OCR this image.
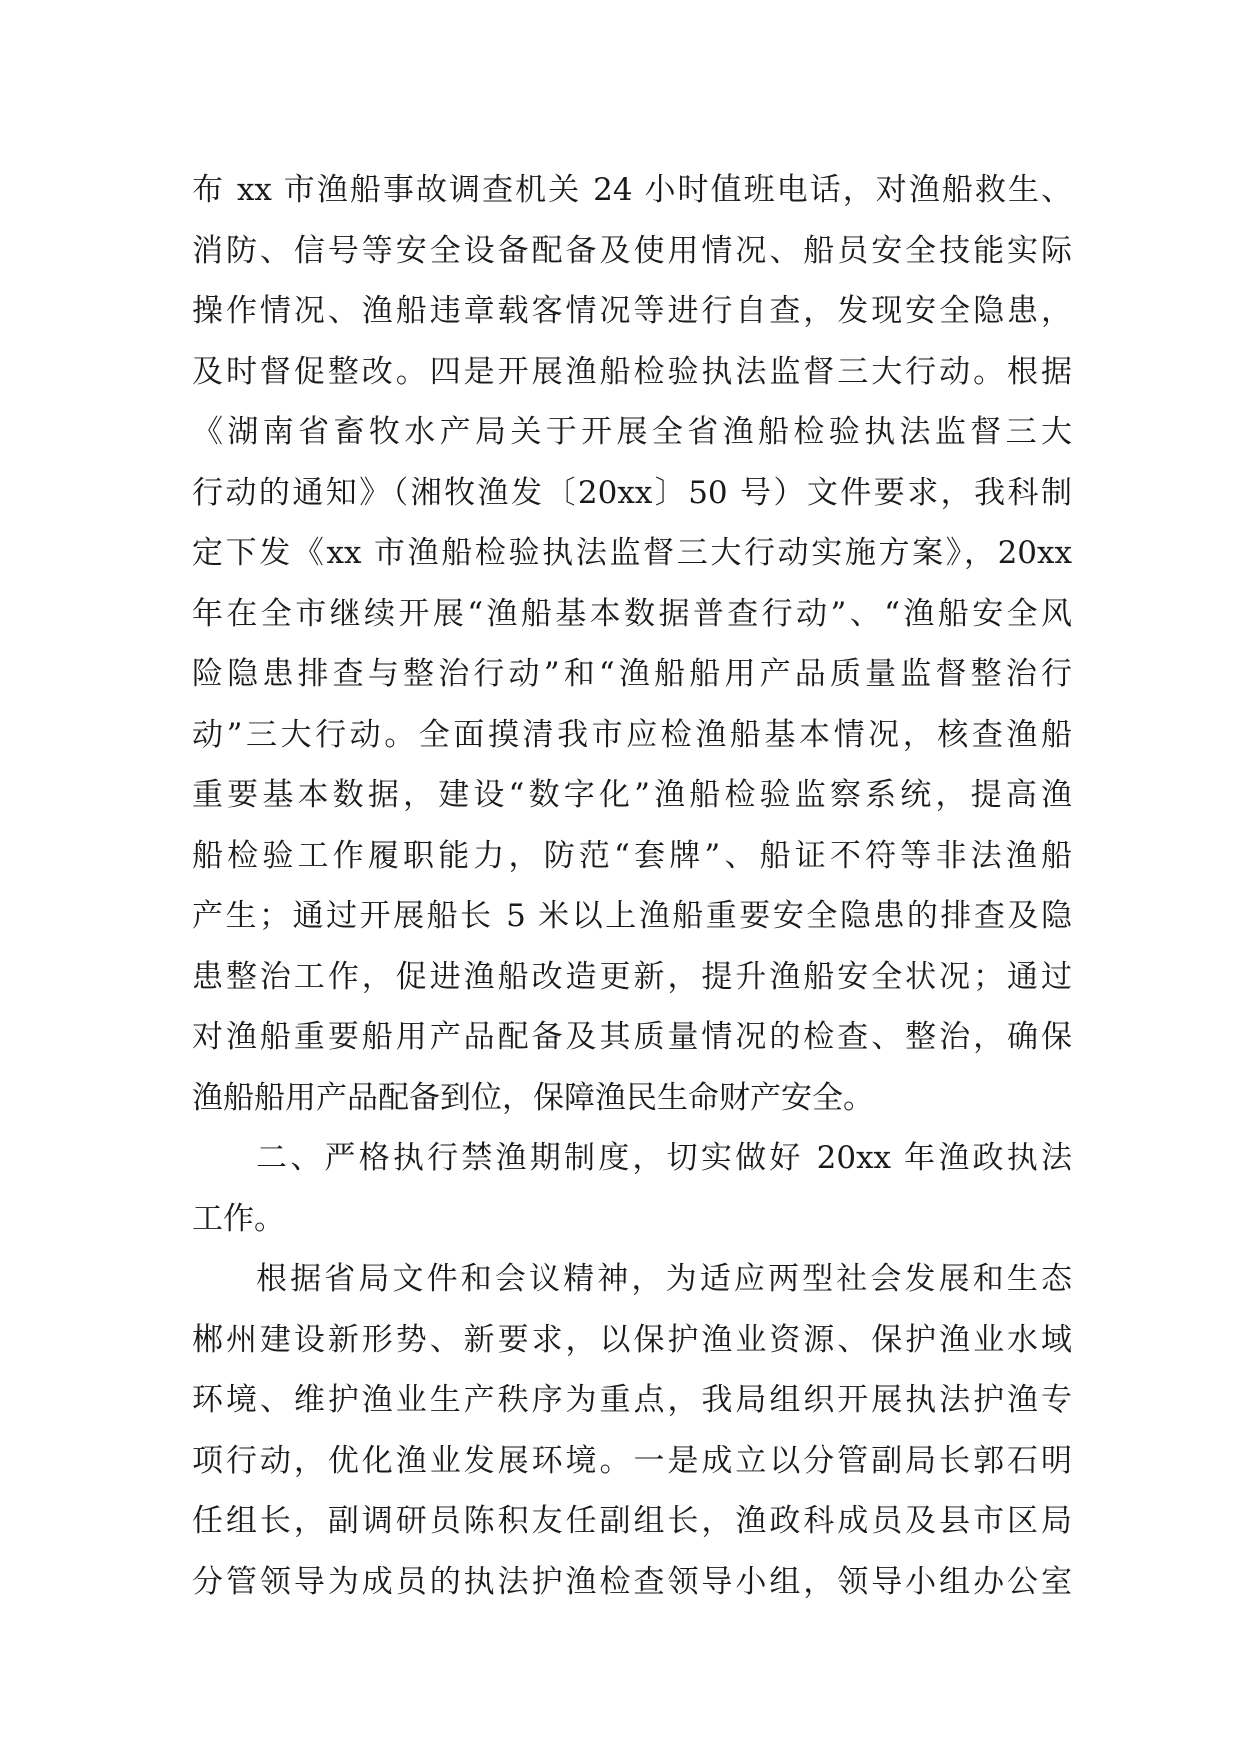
布 xx 市渔船事故调查机关 24 小时值班电话，对渔船救生、
消防、信号等安全设备配备及使用情况、船员安全技能实际
操作情况、渔船违章载客情况等进行自查，发现安全隐患，
及时督促整改。四是开展渔船检验执法监督三大行动。根据
《湖南省畜牧水产局关于开展全省渔船检验执法监督三大
行动的通知》（湘牧渔发〔20xx〕50 号）文件要求，我科制
定下发《xx 市渔船检验执法监督三大行动实施方案》，20xx
年在全市继续开展“渔船基本数据普查行动”、“渔船安全风
险隐患排查与整治行动”和“渔船船用产品质量监督整治行
动”三大行动。全面摸清我市应检渔船基本情况，核查渔船
重要基本数据，建设“数字化”渔船检验监察系统，提高渔
船检验工作履职能力，防范“套牌”、船证不符等非法渔船
产生；通过开展船长 5 米以上渔船重要安全隐患的排查及隐
患整治工作，促进渔船改造更新，提升渔船安全状况；通过
对渔船重要船用产品配备及其质量情况的检查、整治，确保
渔船船用产品配备到位，保障渔民生命财产安全。
二、严格执行禁渔期制度，切实做好 20xx 年渔政执法
工作。
根据省局文件和会议精神，为适应两型社会发展和生态
郴州建设新形势、新要求，以保护渔业资源、保护渔业水域
环境、维护渔业生产秩序为重点，我局组织开展执法护渔专
项行动，优化渔业发展环境。一是成立以分管副局长郭石明
任组长，副调研员陈积友任副组长，渔政科成员及县市区局
分管领导为成员的执法护渔检查领导小组，领导小组办公室
